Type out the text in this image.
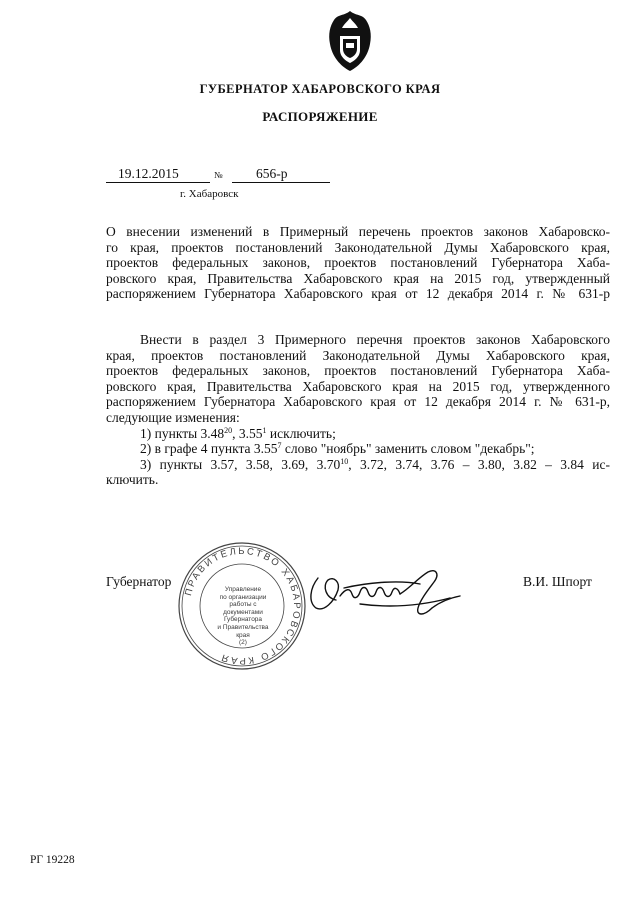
ГУБЕРНАТОР ХАБАРОВСКОГО КРАЯ
РАСПОРЯЖЕНИЕ
19.12.2015	№	656-р
г. Хабаровск
О внесении изменений в Примерный перечень проектов законов Хабаровско-
го края, проектов постановлений Законодательной Думы Хабаровского края,
проектов федеральных законов, проектов постановлений Губернатора Хаба-
ровского края, Правительства Хабаровского края на 2015 год, утвержденный
распоряжением Губернатора Хабаровского края от 12 декабря 2014 г. № 631-р
Внести в раздел 3 Примерного перечня проектов законов Хабаровского
края, проектов постановлений Законодательной Думы Хабаровского края,
проектов федеральных законов, проектов постановлений Губернатора Хаба-
ровского края, Правительства Хабаровского края на 2015 год, утвержденного
распоряжением Губернатора Хабаровского края от 12 декабря 2014 г. № 631-р,
следующие изменения:
1) пункты 3.48$^{20}$, 3.55$^1$ исключить;
2) в графе 4 пункта 3.55$^7$ слово "ноябрь" заменить словом "декабрь";
3) пункты 3.57, 3.58, 3.69, 3.70$^{10}$, 3.72, 3.74, 3.76 – 3.80, 3.82 – 3.84 ис-
ключить.
ПРАВИТЕЛЬСТВО ХАБАРОВСКОГО КРАЯ
Управление
по организации
работы с документами
Губернатора
и Правительства
края
(2)
Губернатор	В.И. Шпорт
РГ 19228
